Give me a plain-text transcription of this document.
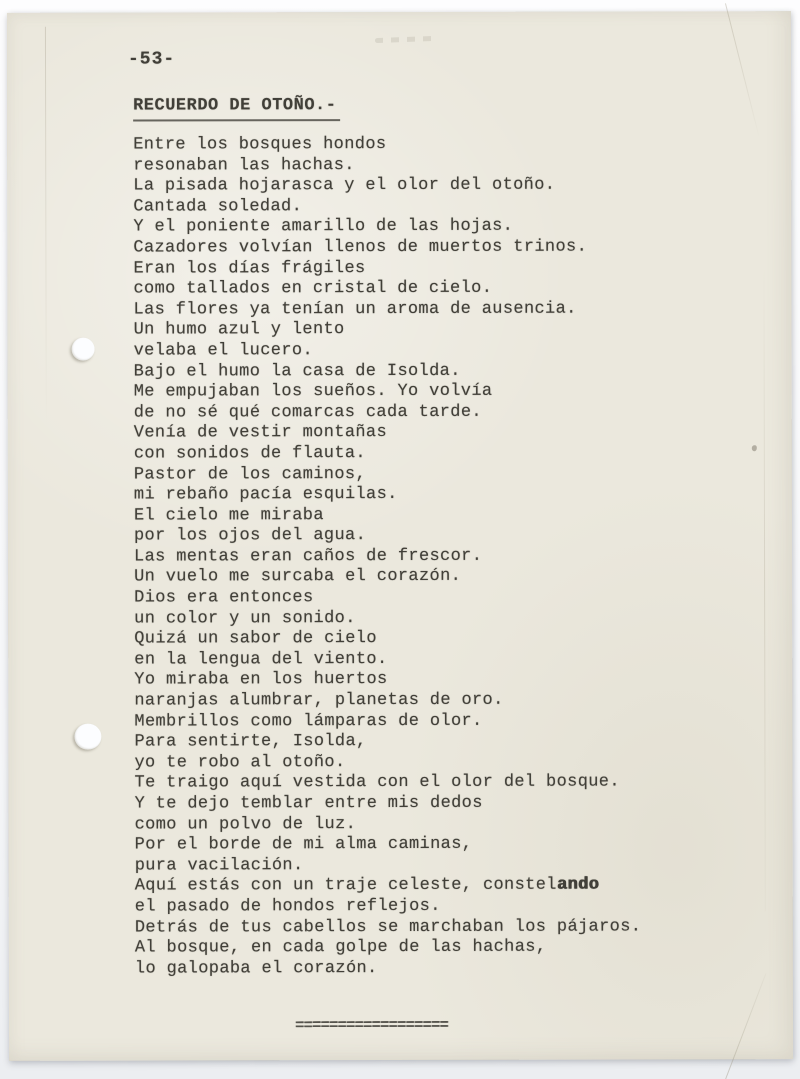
-53-
RECUERDO DE OTOÑO.-
Entre los bosques hondos
resonaban las hachas.
La pisada hojarasca y el olor del otoño.
Cantada soledad.
Y el poniente amarillo de las hojas.
Cazadores volvían llenos de muertos trinos.
Eran los días frágiles
como tallados en cristal de cielo.
Las flores ya tenían un aroma de ausencia.
Un humo azul y lento
velaba el lucero.
Bajo el humo la casa de Isolda.
Me empujaban los sueños. Yo volvía
de no sé qué comarcas cada tarde.
Venía de vestir montañas
con sonidos de flauta.
Pastor de los caminos,
mi rebaño pacía esquilas.
El cielo me miraba
por los ojos del agua.
Las mentas eran caños de frescor.
Un vuelo me surcaba el corazón.
Dios era entonces
un color y un sonido.
Quizá un sabor de cielo
en la lengua del viento.
Yo miraba en los huertos
naranjas alumbrar, planetas de oro.
Membrillos como lámparas de olor.
Para sentirte, Isolda,
yo te robo al otoño.
Te traigo aquí vestida con el olor del bosque.
Y te dejo temblar entre mis dedos
como un polvo de luz.
Por el borde de mi alma caminas,
pura vacilación.
Aquí estás con un traje celeste, constelando
el pasado de hondos reflejos.
Detrás de tus cabellos se marchaban los pájaros.
Al bosque, en cada golpe de las hachas,
lo galopaba el corazón.
==================
